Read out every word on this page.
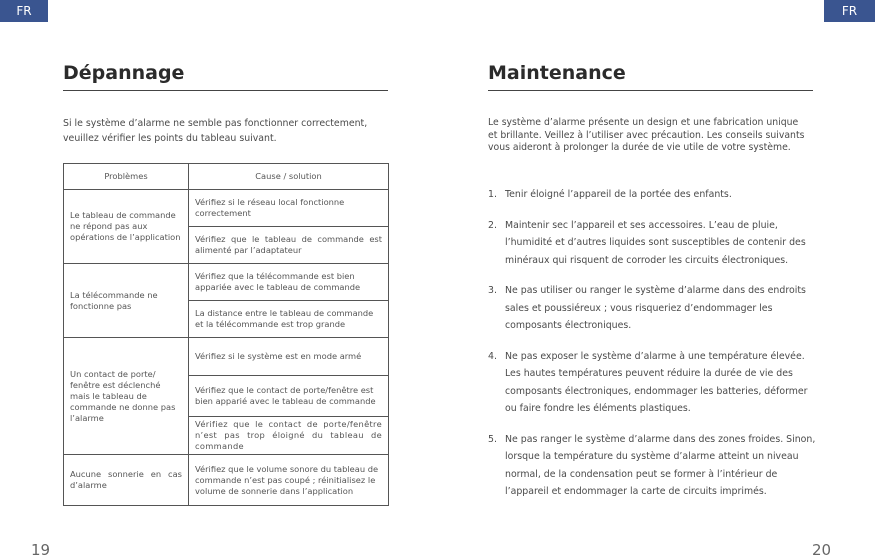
FR	FR
Dépannage
Si le système d’alarme ne semble pas fonctionner correctement, veuillez vérifier les points du tableau suivant.
Problèmes	Cause / solution
Le tableau de commande ne répond pas aux opérations de l’application	Vérifiez si le réseau local fonctionne correctement
	Vérifiez que le tableau de commande est alimenté par l’adaptateur
La télécommande ne fonctionne pas	Vérifiez que la télécommande est bien appariée avec le tableau de commande
	La distance entre le tableau de commande et la télécommande est trop grande
Un contact de porte/ fenêtre est déclenché mais le tableau de commande ne donne pas l’alarme	Vérifiez si le système est en mode armé
	Vérifiez que le contact de porte/fenêtre est bien apparié avec le tableau de commande
	Vérifiez que le contact de porte/fenêtre n’est pas trop éloigné du tableau de commande
Aucune sonnerie en cas d’alarme	Vérifiez que le volume sonore du tableau de commande n’est pas coupé ; réinitialisez le volume de sonnerie dans l’application
19
Maintenance
Le système d’alarme présente un design et une fabrication unique et brillante. Veillez à l’utiliser avec précaution. Les conseils suivants vous aideront à prolonger la durée de vie utile de votre système.
1. Tenir éloigné l’appareil de la portée des enfants.
2. Maintenir sec l’appareil et ses accessoires. L’eau de pluie, l’humidité et d’autres liquides sont susceptibles de contenir des minéraux qui risquent de corroder les circuits électroniques.
3. Ne pas utiliser ou ranger le système d’alarme dans des endroits sales et poussiéreux ; vous risqueriez d’endommager les composants électroniques.
4. Ne pas exposer le système d’alarme à une température élevée. Les hautes températures peuvent réduire la durée de vie des composants électroniques, endommager les batteries, déformer ou faire fondre les éléments plastiques.
5. Ne pas ranger le système d’alarme dans des zones froides. Sinon, lorsque la température du système d’alarme atteint un niveau normal, de la condensation peut se former à l’intérieur de l’appareil et endommager la carte de circuits imprimés.
20
